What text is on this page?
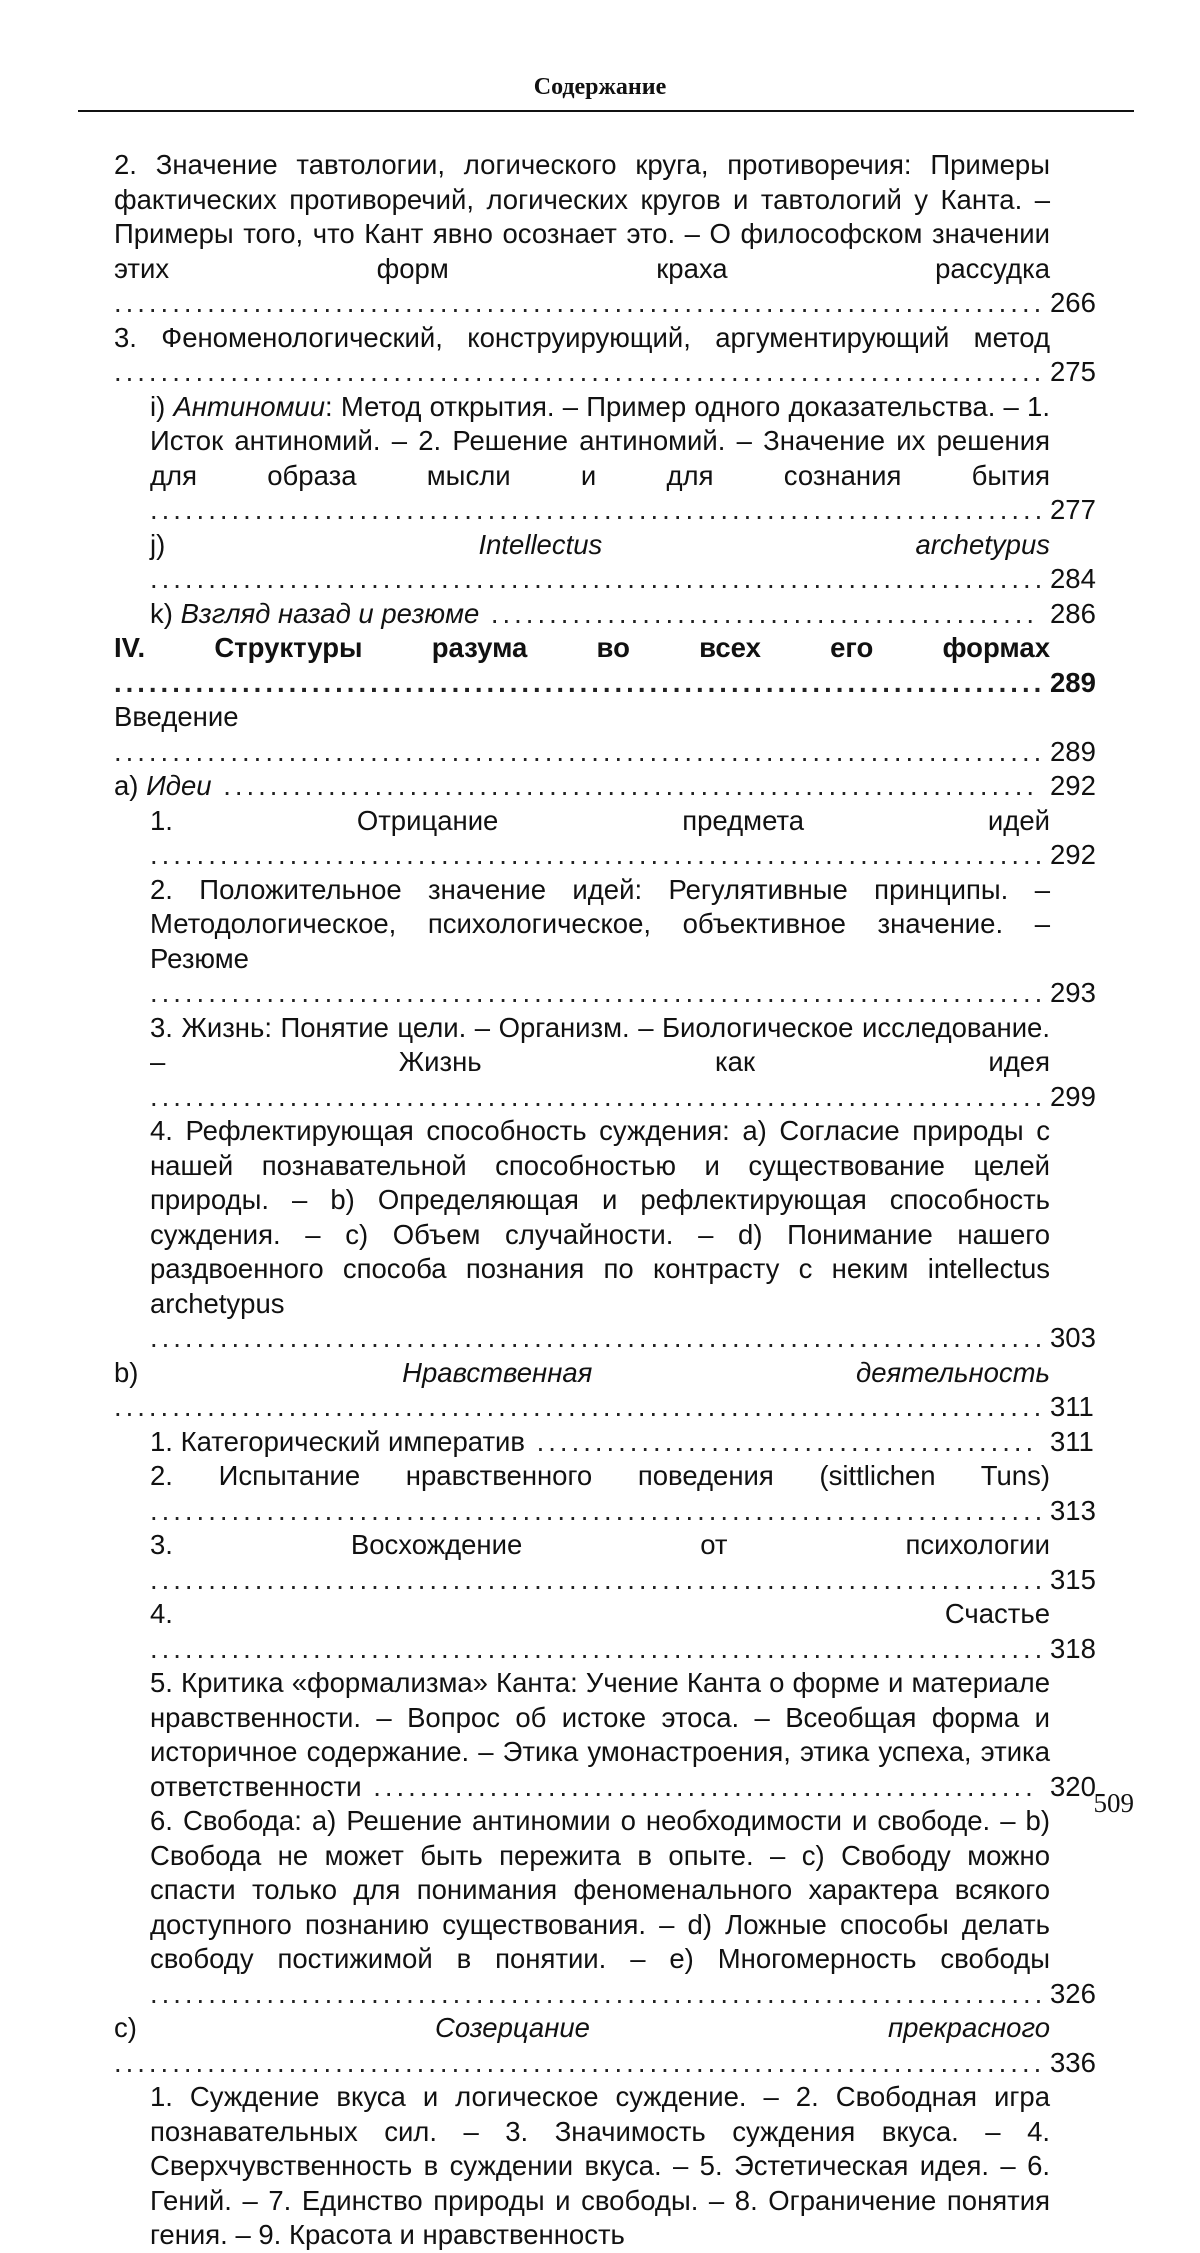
Содержание
2. Значение тавтологии, логического круга, противоречия: Примеры фактических противоречий, логических кругов и тавтологий у Канта. – Примеры того, что Кант явно осознает это. – О философском значении этих форм краха рассудка ................................................................................ 266
3. Феноменологический, конструирующий, аргументирующий метод ................................................................................ 275
i) Антиномии: Метод открытия. – Пример одного доказательства. – 1. Исток антиномий. – 2. Решение антиномий. – Значение их решения для образа мысли и для сознания бытия ............................................................................. 277
j) Intellectus archetypus ............................................................................. 284
k) Взгляд назад и резюме ............................................... 286
IV. Структуры разума во всех его формах ................................................................................ 289
Введение ................................................................................ 289
a) Идеи ...................................................................... 292
1. Отрицание предмета идей ............................................................................. 292
2. Положительное значение идей: Регулятивные принципы. – Методологическое, психологическое, объективное значение. – Резюме ............................................................................. 293
3. Жизнь: Понятие цели. – Организм. – Биологическое исследование. – Жизнь как идея ............................................................................. 299
4. Рефлектирующая способность суждения: a) Согласие природы с нашей познавательной способностью и существование целей природы. – b) Определяющая и рефлектирующая способность суждения. – c) Объем случайности. – d) Понимание нашего раздвоенного способа познания по контрасту с неким intellectus archetypus ............................................................................. 303
b) Нравственная деятельность ................................................................................ 311
1. Категорический императив ........................................... 311
2. Испытание нравственного поведения (sittlichen Tuns) ............................................................................. 313
3. Восхождение от психологии ............................................................................. 315
4. Счастье ............................................................................. 318
5. Критика «формализма» Канта: Учение Канта о форме и материале нравственности. – Вопрос об истоке этоса. – Всеобщая форма и историчное содержание. – Этика умонастроения, этика успеха, этика ответственности ......................................................... 320
6. Свобода: a) Решение антиномии о необходимости и свободе. – b) Свобода не может быть пережита в опыте. – c) Свободу можно спасти только для понимания феноменального характера всякого доступного познанию существования. – d) Ложные способы делать свободу постижимой в понятии. – e) Многомерность свободы ............................................................................. 326
c) Созерцание прекрасного ................................................................................ 336
1. Суждение вкуса и логическое суждение. – 2. Свободная игра познавательных сил. – 3. Значимость суждения вкуса. – 4. Сверхчувственность в суждении вкуса. – 5. Эстетическая идея. – 6. Гений. – 7. Единство природы и свободы. – 8. Ограничение понятия гения. – 9. Красота и нравственность
509
